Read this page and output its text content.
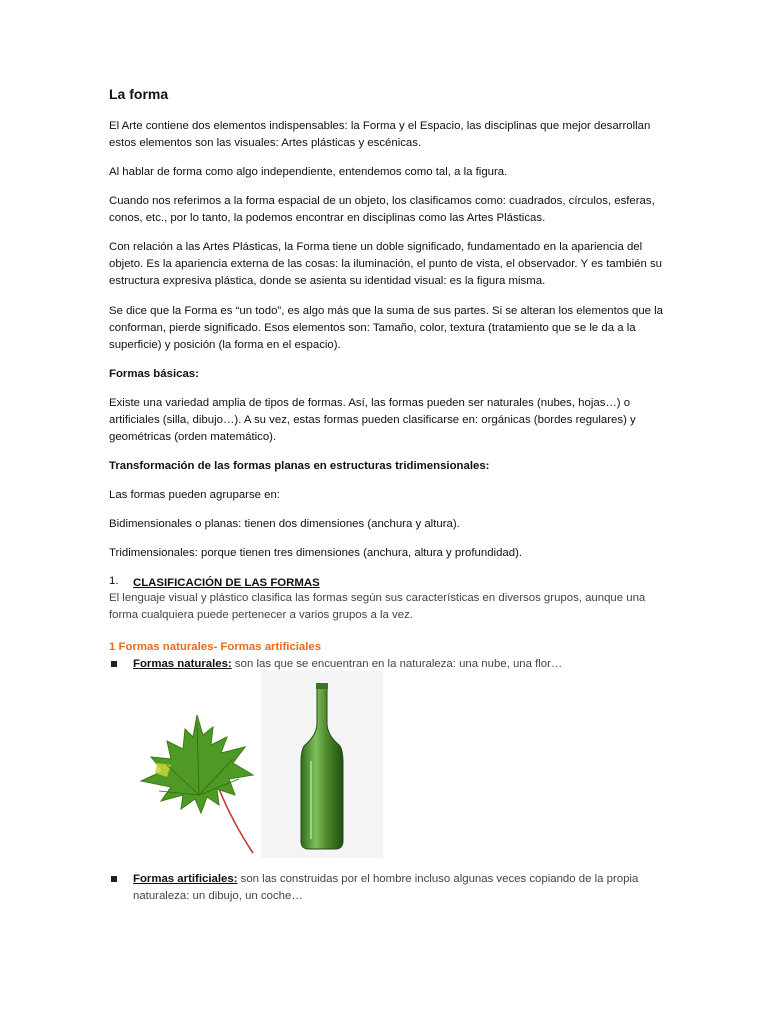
La forma

El Arte contiene dos elementos indispensables: la Forma y el Espacio, las disciplinas que mejor desarrollan estos elementos son las visuales: Artes plásticas y escénicas.

Al hablar de forma como algo independiente, entendemos como tal, a la figura.

Cuando nos referimos a la forma espacial de un objeto, los clasificamos como: cuadrados, círculos, esferas, conos, etc., por lo tanto, la podemos encontrar en disciplinas como las Artes Plásticas.

Con relación a las Artes Plásticas, la Forma tiene un doble significado, fundamentado en la apariencia del objeto. Es la apariencia externa de las cosas: la iluminación, el punto de vista, el observador. Y es también su estructura expresiva plástica, donde se asienta su identidad visual: es la figura misma.

Se dice que la Forma es “un todo”, es algo más que la suma de sus partes. Si se alteran los elementos que la conforman, pierde significado. Esos elementos son: Tamaño, color, textura (tratamiento que se le da a la superficie) y posición (la forma en el espacio).

Formas básicas:

Existe una variedad amplia de tipos de formas. Así, las formas pueden ser naturales (nubes, hojas…) o artificiales (silla, dibujo…). A su vez, estas formas pueden clasificarse en: orgánicas (bordes regulares) y geométricas (orden matemático).

Transformación de las formas planas en estructuras tridimensionales:

Las formas pueden agruparse en:

Bidimensionales o planas: tienen dos dimensiones (anchura y altura).

Tridimensionales: porque tienen tres dimensiones (anchura, altura y profundidad).

1. CLASIFICACIÓN DE LAS FORMAS

El lenguaje visual y plástico clasifica las formas según sus características en diversos grupos, aunque una forma cualquiera puede pertenecer a varios grupos a la vez.

1 Formas naturales- Formas artificiales

Formas naturales: son las que se encuentran en la naturaleza: una nube, una flor…

Formas artificiales: son las construidas por el hombre incluso algunas veces copiando de la propia naturaleza: un dibujo, un coche…
